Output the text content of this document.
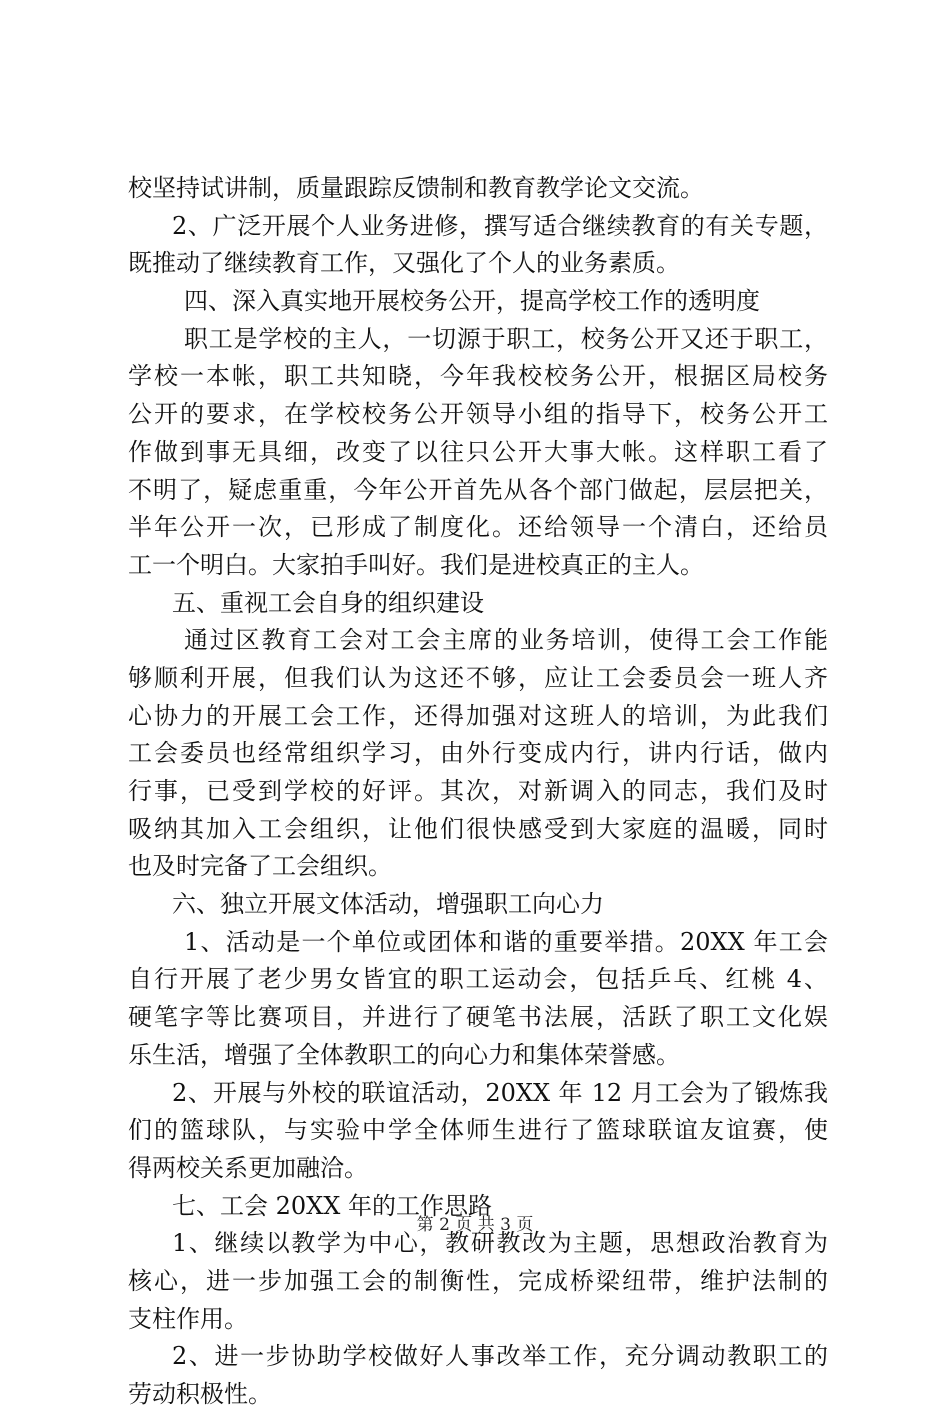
校坚持试讲制，质量跟踪反馈制和教育教学论文交流。
2、广泛开展个人业务进修，撰写适合继续教育的有关专题，
既推动了继续教育工作，又强化了个人的业务素质。
四、深入真实地开展校务公开，提高学校工作的透明度
职工是学校的主人，一切源于职工，校务公开又还于职工，
学校一本帐，职工共知晓，今年我校校务公开，根据区局校务
公开的要求，在学校校务公开领导小组的指导下，校务公开工
作做到事无具细，改变了以往只公开大事大帐。这样职工看了
不明了，疑虑重重，今年公开首先从各个部门做起，层层把关，
半年公开一次，已形成了制度化。还给领导一个清白，还给员
工一个明白。大家拍手叫好。我们是进校真正的主人。
五、重视工会自身的组织建设
通过区教育工会对工会主席的业务培训，使得工会工作能
够顺利开展，但我们认为这还不够，应让工会委员会一班人齐
心协力的开展工会工作，还得加强对这班人的培训，为此我们
工会委员也经常组织学习，由外行变成内行，讲内行话，做内
行事，已受到学校的好评。其次，对新调入的同志，我们及时
吸纳其加入工会组织，让他们很快感受到大家庭的温暖，同时
也及时完备了工会组织。
六、独立开展文体活动，增强职工向心力
1、活动是一个单位或团体和谐的重要举措。20XX 年工会
自行开展了老少男女皆宜的职工运动会，包括乒乓、红桃 4、
硬笔字等比赛项目，并进行了硬笔书法展，活跃了职工文化娱
乐生活，增强了全体教职工的向心力和集体荣誉感。
2、开展与外校的联谊活动，20XX 年 12 月工会为了锻炼我
们的篮球队，与实验中学全体师生进行了篮球联谊友谊赛，使
得两校关系更加融洽。
七、工会 20XX 年的工作思路
1、继续以教学为中心，教研教改为主题，思想政治教育为
核心，进一步加强工会的制衡性，完成桥梁纽带，维护法制的
支柱作用。
2、进一步协助学校做好人事改举工作，充分调动教职工的
劳动积极性。
第 2 页 共 3 页
